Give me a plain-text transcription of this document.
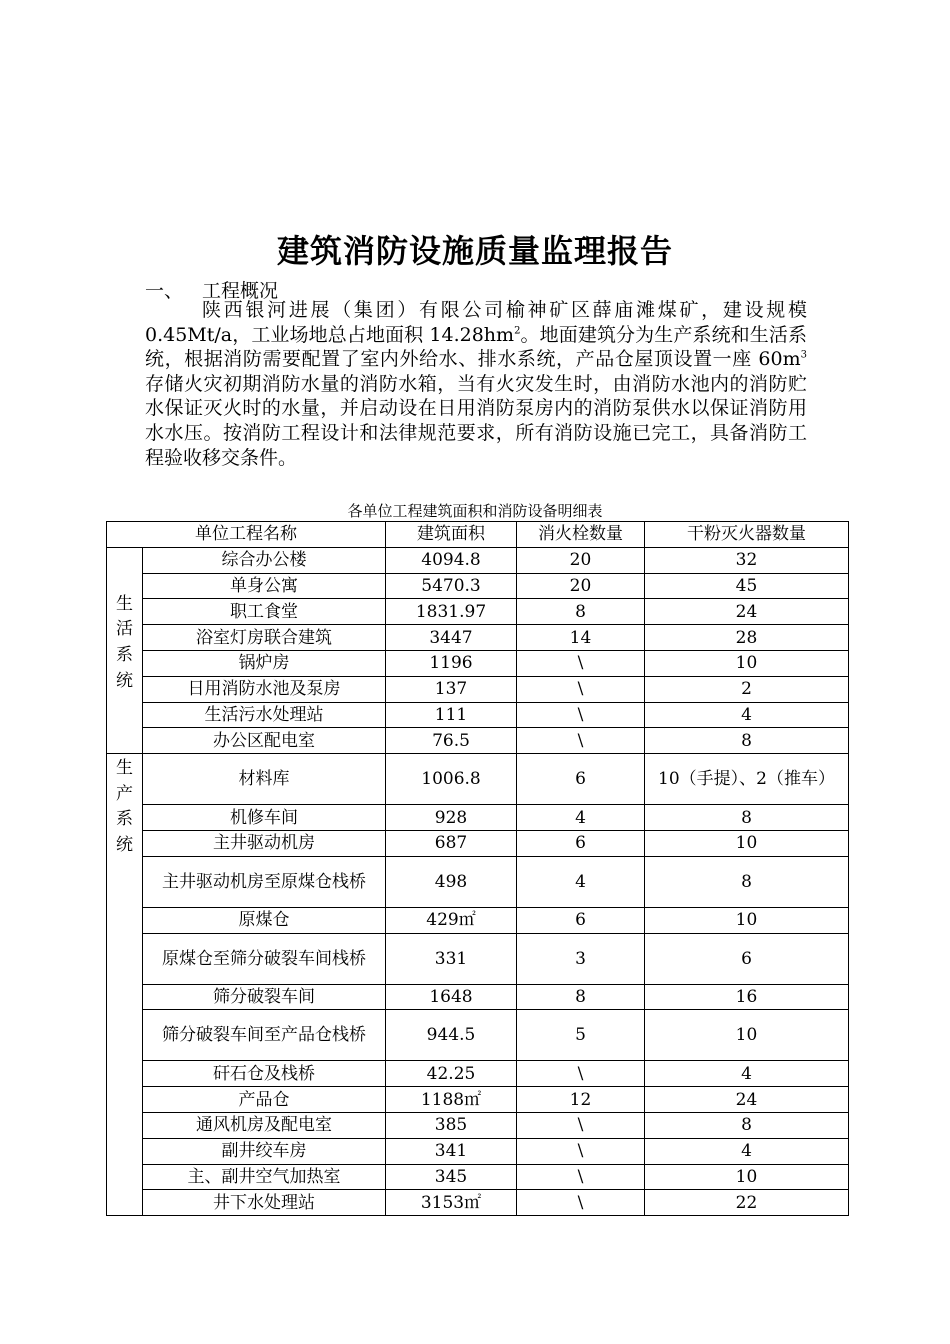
建筑消防设施质量监理报告
一、 工程概况

陕西银河进展（集团）有限公司榆神矿区薛庙滩煤矿，建设规模 0.45Mt/a，工业场地总占地面积 $14.28hm^2$。地面建筑分为生产系统和生活系统，根据消防需要配置了室内外给水、排水系统，产品仓屋顶设置一座 $60m^3$存储火灾初期消防水量的消防水箱，当有火灾发生时，由消防水池内的消防贮水保证灭火时的水量，并启动设在日用消防泵房内的消防泵供水以保证消防用水水压。按消防工程设计和法律规范要求，所有消防设施已完工，具备消防工程验收移交条件。

各单位工程建筑面积和消防设备明细表
单位工程名称		建筑面积	消火栓数量	干粉灭火器数量

生
活
系
统	综合办公楼	4094.8	20	32
	单身公寓	5470.3	20	45
	职工食堂	1831.97	8	24
	浴室灯房联合建筑	3447	14	28
	锅炉房	1196	\	10
	日用消防水池及泵房	137	\	2
	生活污水处理站	111	\	4
	办公区配电室	76.5	\	8

生
产
系
统	材料库	1006.8	6	10（手提）、2（推车）
	机修车间	928	4	8
	主井驱动机房	687	6	10
	主井驱动机房至原煤仓栈桥	498	4	8
	原煤仓	429㎡	6	10
	原煤仓至筛分破裂车间栈桥	331	3	6
	筛分破裂车间	1648	8	16
	筛分破裂车间至产品仓栈桥	944.5	5	10
	矸石仓及栈桥	42.25	\	4
	产品仓	1188㎡	12	24
	通风机房及配电室	385	\	8
	副井绞车房	341	\	4
	主、副井空气加热室	345	\	10
	井下水处理站	3153㎡	\	22
